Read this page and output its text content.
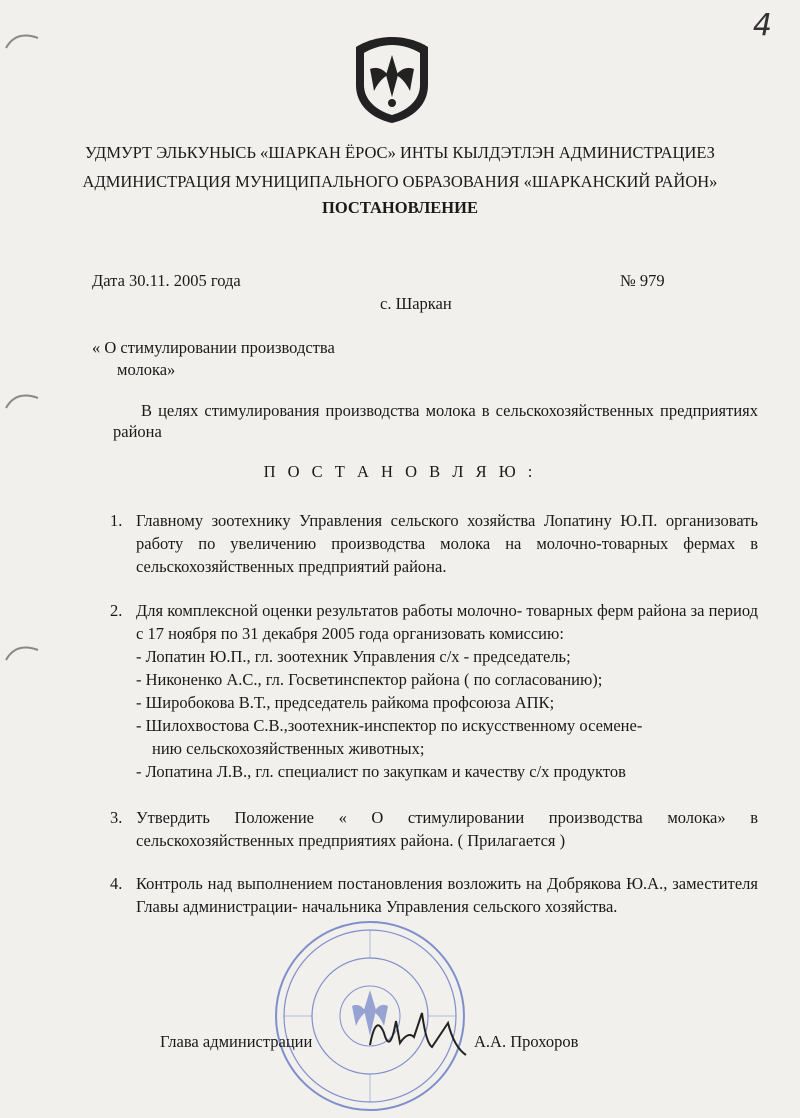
4
УДМУРТ ЭЛЬКУНЫСЬ «ШАРКАН ЁРОС» ИНТЫ КЫЛДЭТЛЭН АДМИНИСТРАЦИЕЗ
АДМИНИСТРАЦИЯ МУНИЦИПАЛЬНОГО ОБРАЗОВАНИЯ «ШАРКАНСКИЙ РАЙОН»
ПОСТАНОВЛЕНИЕ
Дата 30.11. 2005 года	№ 979
с. Шаркан
« О стимулировании производства
молока»
В целях стимулирования производства молока в сельскохозяйственных предприятиях района
П О С Т А Н О В Л Я Ю :
1. Главному зоотехнику Управления сельского хозяйства Лопатину Ю.П. организовать работу по увеличению производства молока на молочно-товарных фермах в сельскохозяйственных предприятий района.
2. Для комплексной оценки результатов работы молочно- товарных ферм района за период с 17 ноября по 31 декабря 2005 года организовать комиссию:
- Лопатин Ю.П., гл. зоотехник Управления с/х - председатель;
- Никоненко А.С., гл. Госветинспектор района ( по согласованию);
- Широбокова В.Т., председатель райкома профсоюза АПК;
- Шилохвостова С.В.,зоотехник-инспектор по искусственному осемене-
нию сельскохозяйственных животных;
- Лопатина Л.В., гл. специалист по закупкам и качеству с/х продуктов
3. Утвердить Положение « О стимулировании производства молока» в сельскохозяйственных предприятиях района. ( Прилагается )
4. Контроль над выполнением постановления возложить на Добрякова Ю.А., заместителя Главы администрации- начальника Управления сельского хозяйства.
Глава администрации	А.А. Прохоров
